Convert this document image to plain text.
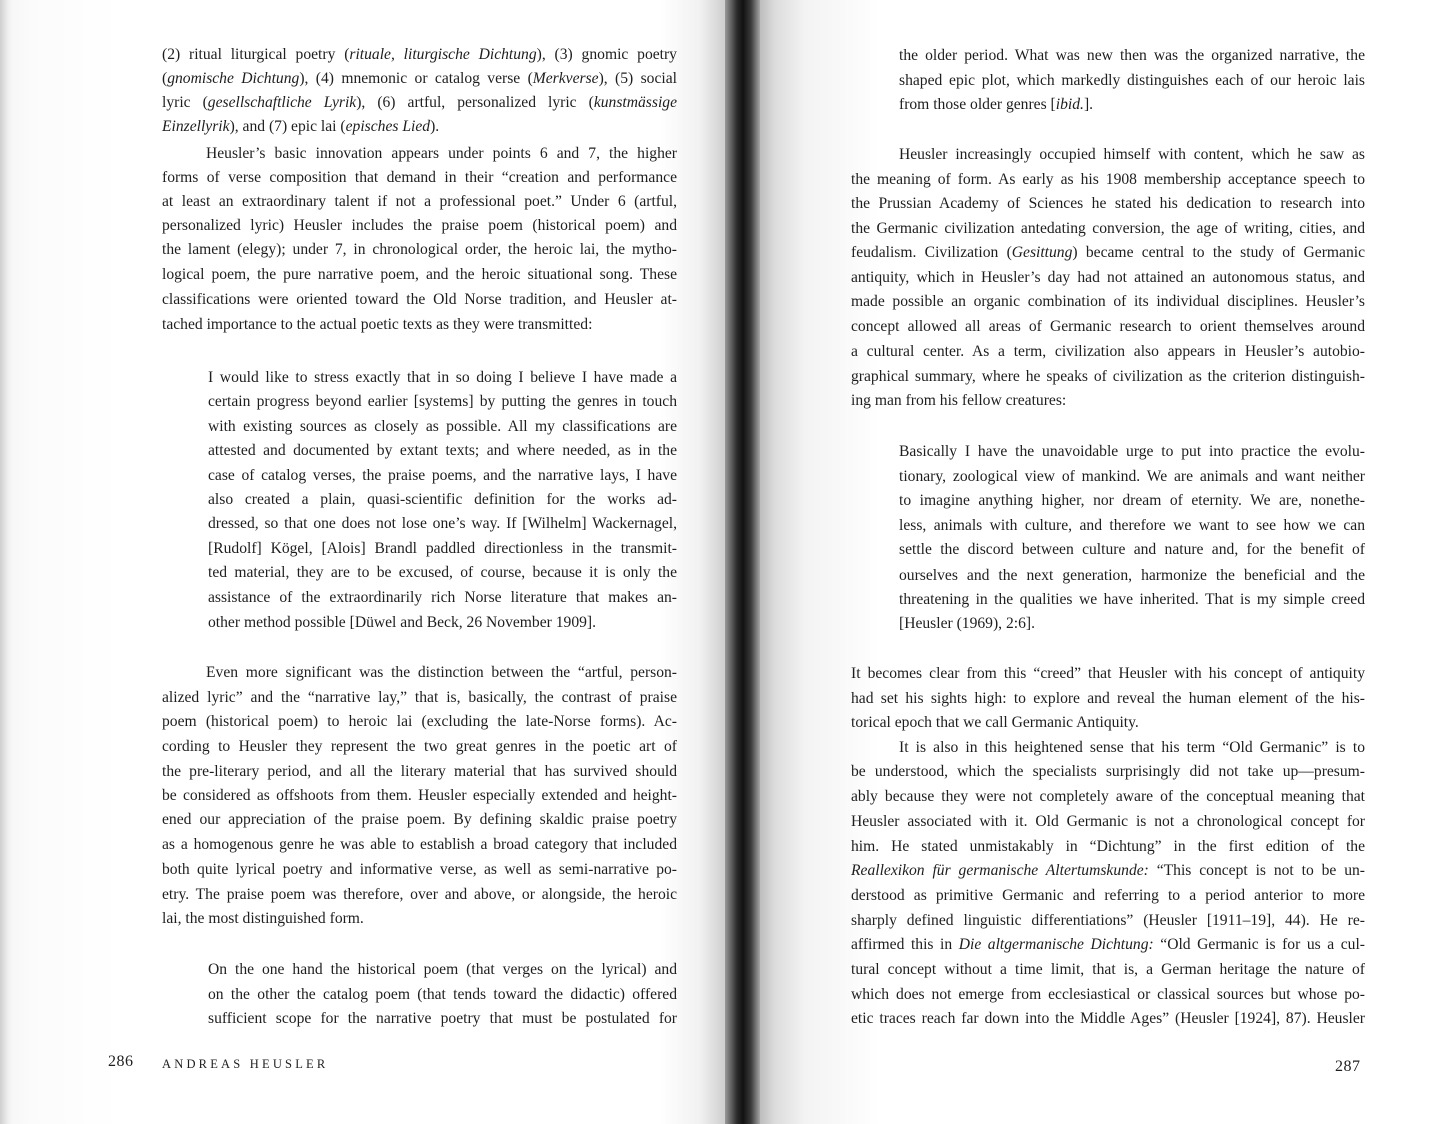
(2) ritual liturgical poetry (rituale, liturgische Dichtung), (3) gnomic poetry
(gnomische Dichtung), (4) mnemonic or catalog verse (Merkverse), (5) social
lyric (gesellschaftliche Lyrik), (6) artful, personalized lyric (kunstmässige
Einzellyrik), and (7) epic lai (episches Lied).
Heusler’s basic innovation appears under points 6 and 7, the higher
forms of verse composition that demand in their “creation and performance
at least an extraordinary talent if not a professional poet.” Under 6 (artful,
personalized lyric) Heusler includes the praise poem (historical poem) and
the lament (elegy); under 7, in chronological order, the heroic lai, the mytho-
logical poem, the pure narrative poem, and the heroic situational song. These
classifications were oriented toward the Old Norse tradition, and Heusler at-
tached importance to the actual poetic texts as they were transmitted:
I would like to stress exactly that in so doing I believe I have made a
certain progress beyond earlier [systems] by putting the genres in touch
with existing sources as closely as possible. All my classifications are
attested and documented by extant texts; and where needed, as in the
case of catalog verses, the praise poems, and the narrative lays, I have
also created a plain, quasi-scientific definition for the works ad-
dressed, so that one does not lose one’s way. If [Wilhelm] Wackernagel,
[Rudolf] Kögel, [Alois] Brandl paddled directionless in the transmit-
ted material, they are to be excused, of course, because it is only the
assistance of the extraordinarily rich Norse literature that makes an-
other method possible [Düwel and Beck, 26 November 1909].
Even more significant was the distinction between the “artful, person-
alized lyric” and the “narrative lay,” that is, basically, the contrast of praise
poem (historical poem) to heroic lai (excluding the late-Norse forms). Ac-
cording to Heusler they represent the two great genres in the poetic art of
the pre-literary period, and all the literary material that has survived should
be considered as offshoots from them. Heusler especially extended and height-
ened our appreciation of the praise poem. By defining skaldic praise poetry
as a homogenous genre he was able to establish a broad category that included
both quite lyrical poetry and informative verse, as well as semi-narrative po-
etry. The praise poem was therefore, over and above, or alongside, the heroic
lai, the most distinguished form.
On the one hand the historical poem (that verges on the lyrical) and
on the other the catalog poem (that tends toward the didactic) offered
sufficient scope for the narrative poetry that must be postulated for
286 ANDREAS HEUSLER
the older period. What was new then was the organized narrative, the
shaped epic plot, which markedly distinguishes each of our heroic lais
from those older genres [ibid.].
Heusler increasingly occupied himself with content, which he saw as
the meaning of form. As early as his 1908 membership acceptance speech to
the Prussian Academy of Sciences he stated his dedication to research into
the Germanic civilization antedating conversion, the age of writing, cities, and
feudalism. Civilization (Gesittung) became central to the study of Germanic
antiquity, which in Heusler’s day had not attained an autonomous status, and
made possible an organic combination of its individual disciplines. Heusler’s
concept allowed all areas of Germanic research to orient themselves around
a cultural center. As a term, civilization also appears in Heusler’s autobio-
graphical summary, where he speaks of civilization as the criterion distinguish-
ing man from his fellow creatures:
Basically I have the unavoidable urge to put into practice the evolu-
tionary, zoological view of mankind. We are animals and want neither
to imagine anything higher, nor dream of eternity. We are, nonethe-
less, animals with culture, and therefore we want to see how we can
settle the discord between culture and nature and, for the benefit of
ourselves and the next generation, harmonize the beneficial and the
threatening in the qualities we have inherited. That is my simple creed
[Heusler (1969), 2:6].
It becomes clear from this “creed” that Heusler with his concept of antiquity
had set his sights high: to explore and reveal the human element of the his-
torical epoch that we call Germanic Antiquity.
It is also in this heightened sense that his term “Old Germanic” is to
be understood, which the specialists surprisingly did not take up—presum-
ably because they were not completely aware of the conceptual meaning that
Heusler associated with it. Old Germanic is not a chronological concept for
him. He stated unmistakably in “Dichtung” in the first edition of the
Reallexikon für germanische Altertumskunde: “This concept is not to be un-
derstood as primitive Germanic and referring to a period anterior to more
sharply defined linguistic differentiations” (Heusler [1911–19], 44). He re-
affirmed this in Die altgermanische Dichtung: “Old Germanic is for us a cul-
tural concept without a time limit, that is, a German heritage the nature of
which does not emerge from ecclesiastical or classical sources but whose po-
etic traces reach far down into the Middle Ages” (Heusler [1924], 87). Heusler
287
